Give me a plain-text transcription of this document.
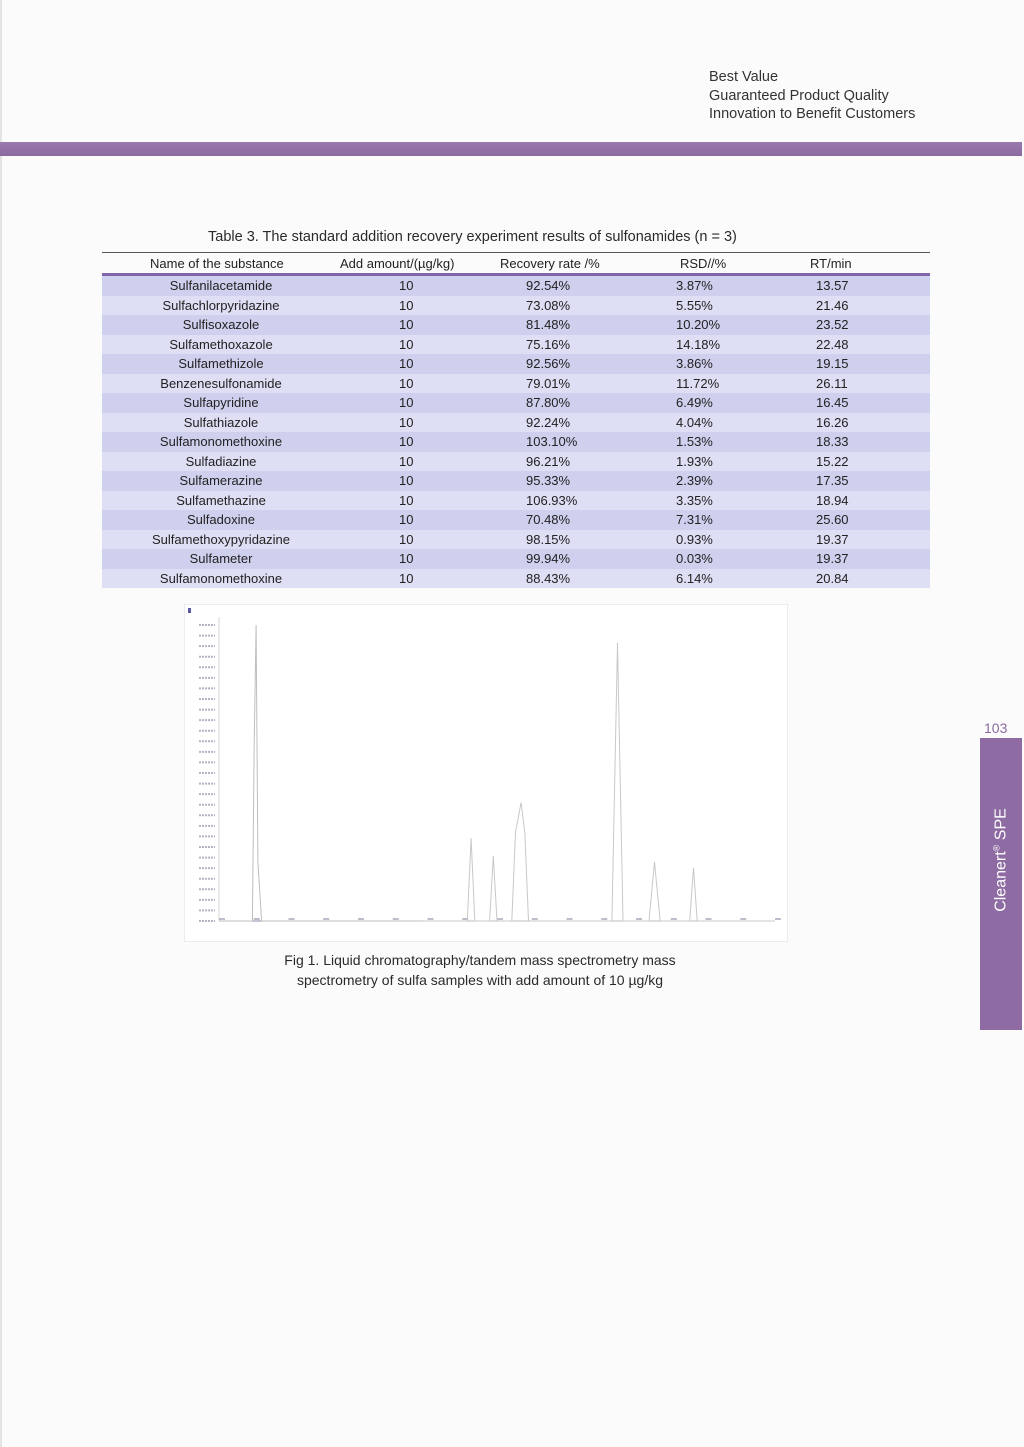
Best Value
Guaranteed Product Quality
Innovation to Benefit Customers
Table 3. The standard addition recovery experiment results of sulfonamides (n = 3)
Name of the substance	Add amount/(µg/kg)	Recovery rate /%	RSD//%	RT/min
Sulfanilacetamide	10	92.54%	3.87%	13.57
Sulfachlorpyridazine	10	73.08%	5.55%	21.46
Sulfisoxazole	10	81.48%	10.20%	23.52
Sulfamethoxazole	10	75.16%	14.18%	22.48
Sulfamethizole	10	92.56%	3.86%	19.15
Benzenesulfonamide	10	79.01%	11.72%	26.11
Sulfapyridine	10	87.80%	6.49%	16.45
Sulfathiazole	10	92.24%	4.04%	16.26
Sulfamonomethoxine	10	103.10%	1.53%	18.33
Sulfadiazine	10	96.21%	1.93%	15.22
Sulfamerazine	10	95.33%	2.39%	17.35
Sulfamethazine	10	106.93%	3.35%	18.94
Sulfadoxine	10	70.48%	7.31%	25.60
Sulfamethoxypyridazine	10	98.15%	0.93%	19.37
Sulfameter	10	99.94%	0.03%	19.37
Sulfamonomethoxine	10	88.43%	6.14%	20.84
Fig 1. Liquid chromatography/tandem mass spectrometry mass
spectrometry of sulfa samples with add amount of 10 µg/kg
103
Cleanert® SPE
